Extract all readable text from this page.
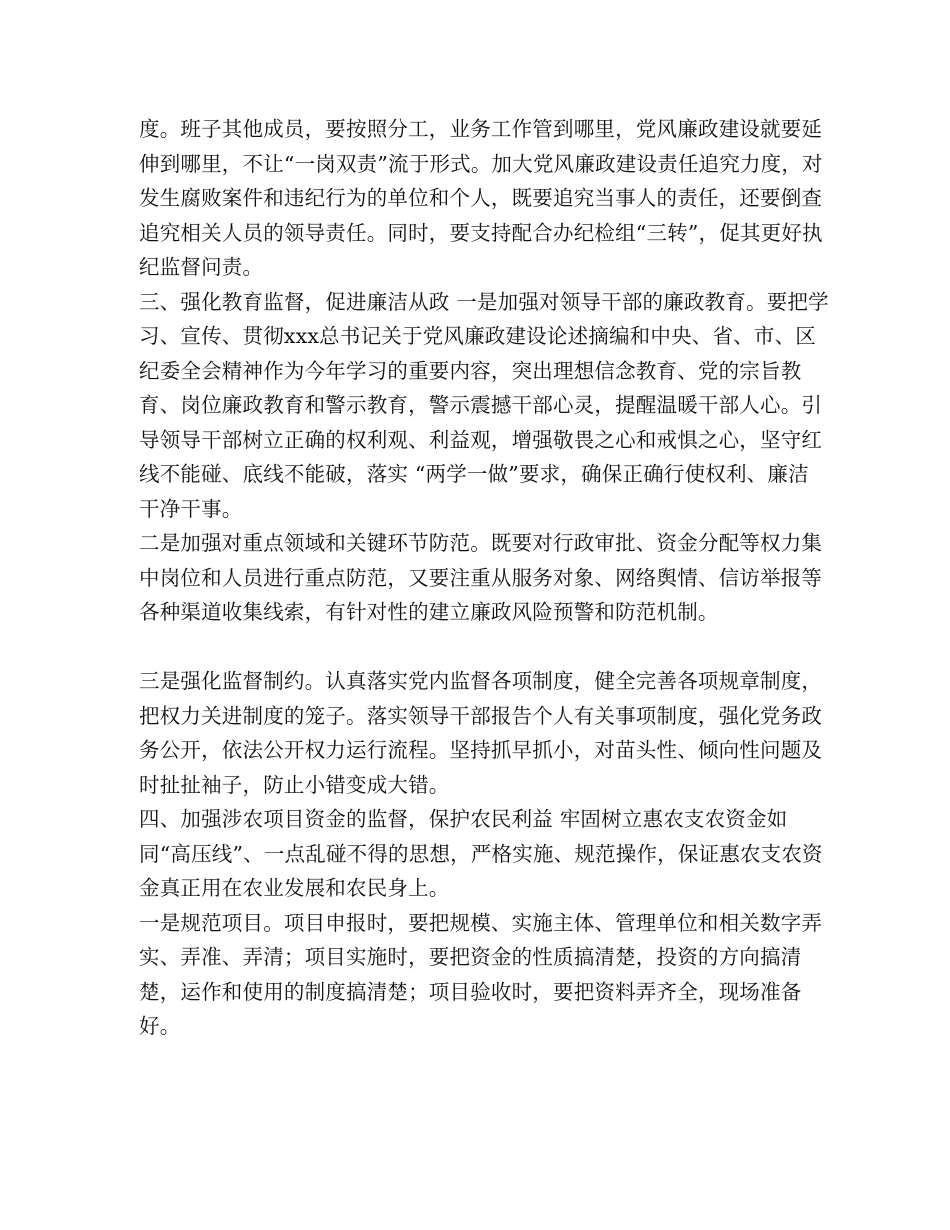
度。班子其他成员，要按照分工，业务工作管到哪里，党风廉政建设就要延伸到哪里，不让“一岗双责”流于形式。加大党风廉政建设责任追究力度，对发生腐败案件和违纪行为的单位和个人，既要追究当事人的责任，还要倒查追究相关人员的领导责任。同时，要支持配合办纪检组“三转”，促其更好执纪监督问责。

三、强化教育监督，促进廉洁从政 一是加强对领导干部的廉政教育。要把学习、宣传、贯彻xxx总书记关于党风廉政建设论述摘编和中央、省、市、区纪委全会精神作为今年学习的重要内容，突出理想信念教育、党的宗旨教育、岗位廉政教育和警示教育，警示震撼干部心灵，提醒温暖干部人心。引导领导干部树立正确的权利观、利益观，增强敬畏之心和戒惧之心，坚守红线不能碰、底线不能破，落实 “两学一做”要求，确保正确行使权利、廉洁干净干事。

二是加强对重点领域和关键环节防范。既要对行政审批、资金分配等权力集中岗位和人员进行重点防范，又要注重从服务对象、网络舆情、信访举报等各种渠道收集线索，有针对性的建立廉政风险预警和防范机制。

三是强化监督制约。认真落实党内监督各项制度，健全完善各项规章制度，把权力关进制度的笼子。落实领导干部报告个人有关事项制度，强化党务政务公开，依法公开权力运行流程。坚持抓早抓小，对苗头性、倾向性问题及时扯扯袖子，防止小错变成大错。

四、加强涉农项目资金的监督，保护农民利益 牢固树立惠农支农资金如同“高压线”、一点乱碰不得的思想，严格实施、规范操作，保证惠农支农资金真正用在农业发展和农民身上。

一是规范项目。项目申报时，要把规模、实施主体、管理单位和相关数字弄实、弄准、弄清；项目实施时，要把资金的性质搞清楚，投资的方向搞清楚，运作和使用的制度搞清楚；项目验收时，要把资料弄齐全，现场准备好。
